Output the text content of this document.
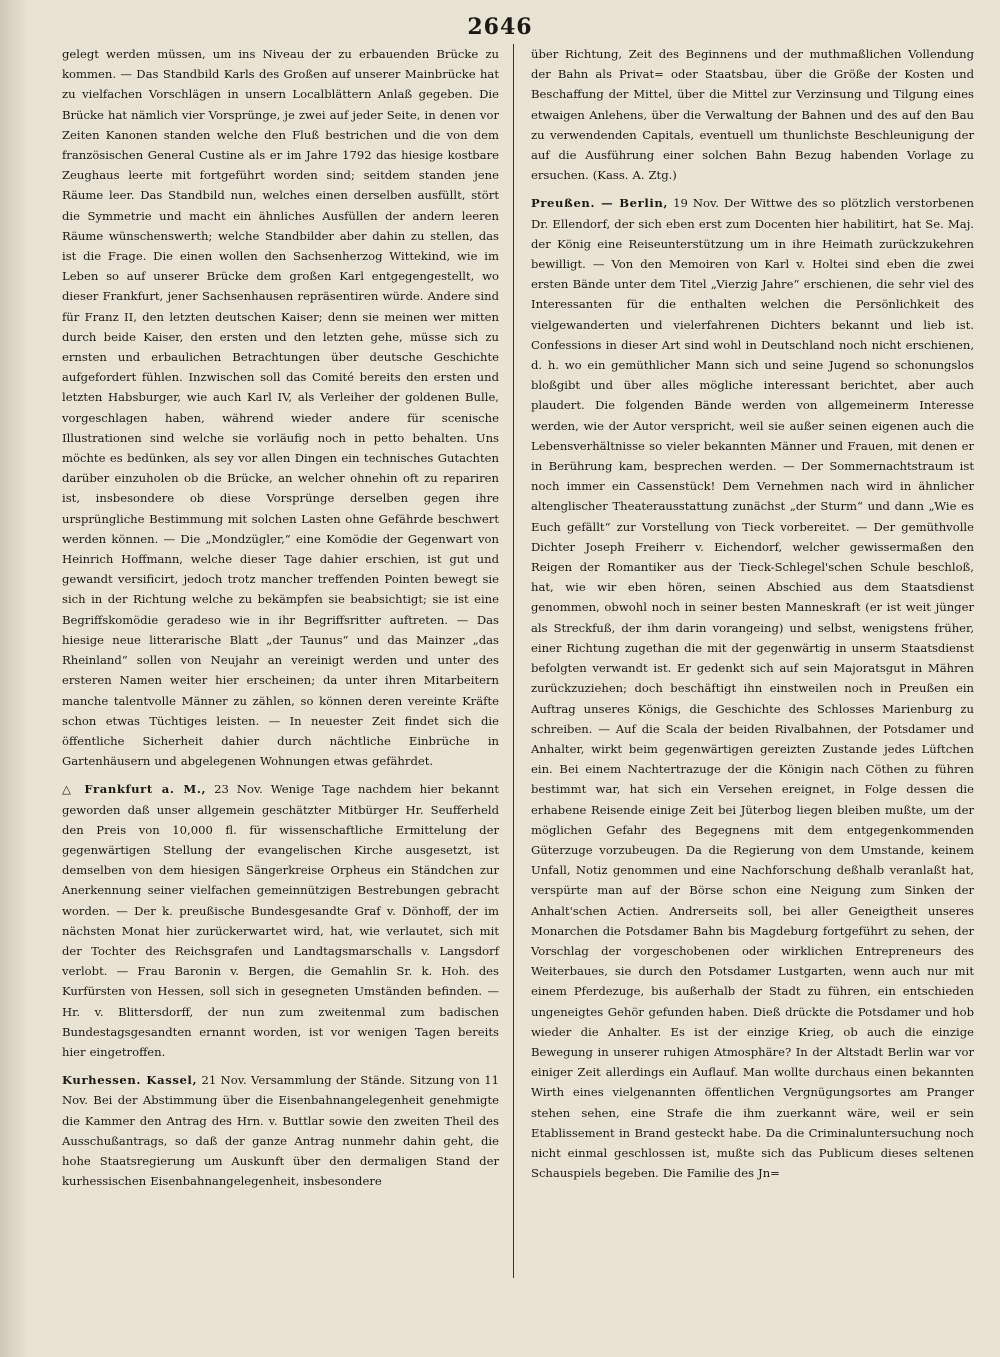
2646

gelegt werden müssen, um ins Niveau der zu erbauenden Brücke zu kommen. — Das Standbild Karls des Großen auf unserer Mainbrücke hat zu vielfachen Vorschlägen in unsern Localblättern Anlaß gegeben. Die Brücke hat nämlich vier Vorsprünge, je zwei auf jeder Seite, in denen vor Zeiten Kanonen standen welche den Fluß bestrichen und die von dem französischen General Custine als er im Jahre 1792 das hiesige kostbare Zeughaus leerte mit fortgeführt worden sind; seitdem standen jene Räume leer. Das Standbild nun, welches einen derselben ausfüllt, stört die Symmetrie und macht ein ähnliches Ausfüllen der andern leeren Räume wünschenswerth; welche Standbilder aber dahin zu stellen, das ist die Frage. Die einen wollen den Sachsenherzog Wittekind, wie im Leben so auf unserer Brücke dem großen Karl entgegengestellt, wo dieser Frankfurt, jener Sachsenhausen repräsentiren würde. Andere sind für Franz II, den letzten deutschen Kaiser; denn sie meinen wer mitten durch beide Kaiser, den ersten und den letzten gehe, müsse sich zu ernsten und erbaulichen Betrachtungen über deutsche Geschichte aufgefordert fühlen. Inzwischen soll das Comité bereits den ersten und letzten Habsburger, wie auch Karl IV, als Verleiher der goldenen Bulle, vorgeschlagen haben, während wieder andere für scenische Illustrationen sind welche sie vorläufig noch in petto behalten. Uns möchte es bedünken, als sey vor allen Dingen ein technisches Gutachten darüber einzuholen ob die Brücke, an welcher ohnehin oft zu repariren ist, insbesondere ob diese Vorsprünge derselben gegen ihre ursprüngliche Bestimmung mit solchen Lasten ohne Gefährde beschwert werden können. — Die „Mondzügler,“ eine Komödie der Gegenwart von Heinrich Hoffmann, welche dieser Tage dahier erschien, ist gut und gewandt versificirt, jedoch trotz mancher treffenden Pointen bewegt sie sich in der Richtung welche zu bekämpfen sie beabsichtigt; sie ist eine Begriffskomödie geradeso wie in ihr Begriffsritter auftreten. — Das hiesige neue litterarische Blatt „der Taunus“ und das Mainzer „das Rheinland“ sollen von Neujahr an vereinigt werden und unter des ersteren Namen weiter hier erscheinen; da unter ihren Mitarbeitern manche talentvolle Männer zu zählen, so können deren vereinte Kräfte schon etwas Tüchtiges leisten. — In neuester Zeit findet sich die öffentliche Sicherheit dahier durch nächtliche Einbrüche in Gartenhäusern und abgelegenen Wohnungen etwas gefährdet.

△ Frankfurt a. M., 23 Nov. Wenige Tage nachdem hier bekannt geworden daß unser allgemein geschätzter Mitbürger Hr. Seufferheld den Preis von 10,000 fl. für wissenschaftliche Ermittelung der gegenwärtigen Stellung der evangelischen Kirche ausgesetzt, ist demselben von dem hiesigen Sängerkreise Orpheus ein Ständchen zur Anerkennung seiner vielfachen gemeinnützigen Bestrebungen gebracht worden. — Der k. preußische Bundesgesandte Graf v. Dönhoff, der im nächsten Monat hier zurückerwartet wird, hat, wie verlautet, sich mit der Tochter des Reichsgrafen und Landtagsmarschalls v. Langsdorf verlobt. — Frau Baronin v. Bergen, die Gemahlin Sr. k. Hoh. des Kurfürsten von Hessen, soll sich in gesegneten Umständen befinden. — Hr. v. Blittersdorff, der nun zum zweitenmal zum badischen Bundestagsgesandten ernannt worden, ist vor wenigen Tagen bereits hier eingetroffen.

Kurhessen. Kassel, 21 Nov. Versammlung der Stände. Sitzung von 11 Nov. Bei der Abstimmung über die Eisenbahnangelegenheit genehmigte die Kammer den Antrag des Hrn. v. Buttlar sowie den zweiten Theil des Ausschußantrags, so daß der ganze Antrag nunmehr dahin geht, die hohe Staatsregierung um Auskunft über den dermaligen Stand der kurhessischen Eisenbahnangelegenheit, insbesondere

über Richtung, Zeit des Beginnens und der muthmaßlichen Vollendung der Bahn als Privat= oder Staatsbau, über die Größe der Kosten und Beschaffung der Mittel, über die Mittel zur Verzinsung und Tilgung eines etwaigen Anlehens, über die Verwaltung der Bahnen und des auf den Bau zu verwendenden Capitals, eventuell um thunlichste Beschleunigung der auf die Ausführung einer solchen Bahn Bezug habenden Vorlage zu ersuchen. (Kass. A. Ztg.)

Preußen. — Berlin, 19 Nov. Der Wittwe des so plötzlich verstorbenen Dr. Ellendorf, der sich eben erst zum Docenten hier habilitirt, hat Se. Maj. der König eine Reiseunterstützung um in ihre Heimath zurückzukehren bewilligt. — Von den Memoiren von Karl v. Holtei sind eben die zwei ersten Bände unter dem Titel „Vierzig Jahre“ erschienen, die sehr viel des Interessanten für die enthalten welchen die Persönlichkeit des vielgewanderten und vielerfahrenen Dichters bekannt und lieb ist. Confessions in dieser Art sind wohl in Deutschland noch nicht erschienen, d. h. wo ein gemüthlicher Mann sich und seine Jugend so schonungslos bloßgibt und über alles mögliche interessant berichtet, aber auch plaudert. Die folgenden Bände werden von allgemeinerm Interesse werden, wie der Autor verspricht, weil sie außer seinen eigenen auch die Lebensverhältnisse so vieler bekannten Männer und Frauen, mit denen er in Berührung kam, besprechen werden. — Der Sommernachtstraum ist noch immer ein Cassenstück! Dem Vernehmen nach wird in ähnlicher altenglischer Theaterausstattung zunächst „der Sturm“ und dann „Wie es Euch gefällt“ zur Vorstellung von Tieck vorbereitet. — Der gemüthvolle Dichter Joseph Freiherr v. Eichendorf, welcher gewissermaßen den Reigen der Romantiker aus der Tieck-Schlegel'schen Schule beschloß, hat, wie wir eben hören, seinen Abschied aus dem Staatsdienst genommen, obwohl noch in seiner besten Manneskraft (er ist weit jünger als Streckfuß, der ihm darin vorangeing) und selbst, wenigstens früher, einer Richtung zugethan die mit der gegenwärtig in unserm Staatsdienst befolgten verwandt ist. Er gedenkt sich auf sein Majoratsgut in Mähren zurückzuziehen; doch beschäftigt ihn einstweilen noch in Preußen ein Auftrag unseres Königs, die Geschichte des Schlosses Marienburg zu schreiben. — Auf die Scala der beiden Rivalbahnen, der Potsdamer und Anhalter, wirkt beim gegenwärtigen gereizten Zustande jedes Lüftchen ein. Bei einem Nachtertrazuge der die Königin nach Cöthen zu führen bestimmt war, hat sich ein Versehen ereignet, in Folge dessen die erhabene Reisende einige Zeit bei Jüterbog liegen bleiben mußte, um der möglichen Gefahr des Begegnens mit dem entgegenkommenden Güterzuge vorzubeugen. Da die Regierung von dem Umstande, keinem Unfall, Notiz genommen und eine Nachforschung deßhalb veranlaßt hat, verspürte man auf der Börse schon eine Neigung zum Sinken der Anhalt'schen Actien. Andrerseits soll, bei aller Geneigtheit unseres Monarchen die Potsdamer Bahn bis Magdeburg fortgeführt zu sehen, der Vorschlag der vorgeschobenen oder wirklichen Entrepreneurs des Weiterbaues, sie durch den Potsdamer Lustgarten, wenn auch nur mit einem Pferdezuge, bis außerhalb der Stadt zu führen, ein entschieden ungeneigtes Gehör gefunden haben. Dieß drückte die Potsdamer und hob wieder die Anhalter. Es ist der einzige Krieg, ob auch die einzige Bewegung in unserer ruhigen Atmosphäre? In der Altstadt Berlin war vor einiger Zeit allerdings ein Auflauf. Man wollte durchaus einen bekannten Wirth eines vielgenannten öffentlichen Vergnügungsortes am Pranger stehen sehen, eine Strafe die ihm zuerkannt wäre, weil er sein Etablissement in Brand gesteckt habe. Da die Criminaluntersuchung noch nicht einmal geschlossen ist, mußte sich das Publicum dieses seltenen Schauspiels begeben. Die Familie des Jn=
